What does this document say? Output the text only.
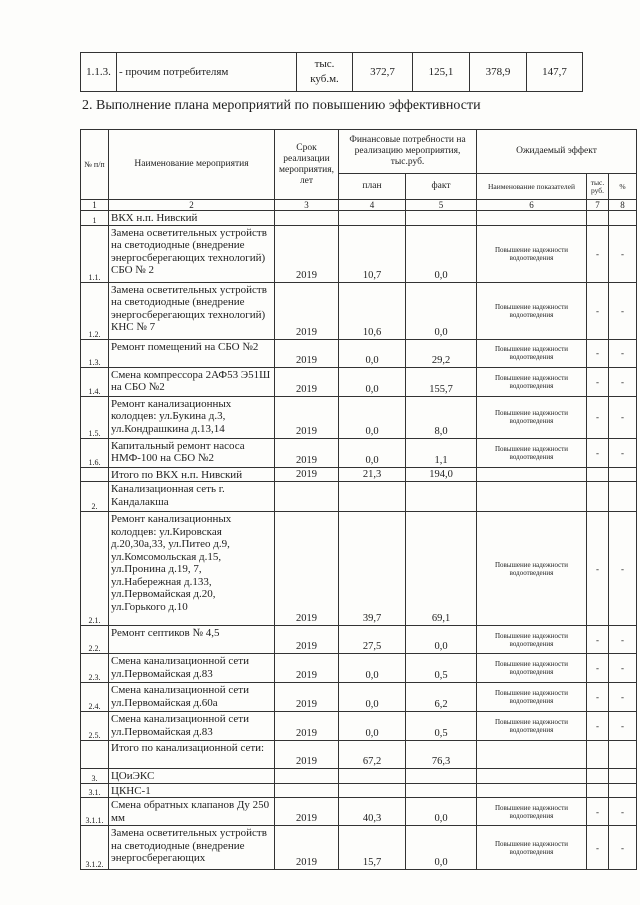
1.1.3.	- прочим потребителям	тыс. куб.м.	372,7	125,1	378,9	147,7
2. Выполнение плана мероприятий по повышению эффективности
№ п/п	Наименование мероприятия	Срок реализации мероприятия, лет	Финансовые потребности на реализацию мероприятия, тыс.руб.		Ожидаемый эффект		
			план	факт	Наименование показателей	тыс. руб.	%
1	2	3	4	5	6	7	8
1	ВКХ н.п. Нивский						
1.1.	Замена осветительных устройств на светодиодные (внедрение энергосберегающих технологий) СБО № 2	2019	10,7	0,0	Повышение надежности водоотведения	-	-
1.2.	Замена осветительных устройств на светодиодные (внедрение энергосберегающих технологий) КНС № 7	2019	10,6	0,0	Повышение надежности водоотведения	-	-
1.3.	Ремонт помещений на СБО №2	2019	0,0	29,2	Повышение надежности водоотведения	-	-
1.4.	Смена компрессора 2АФ53 Э51Ш на СБО №2	2019	0,0	155,7	Повышение надежности водоотведения	-	-
1.5.	Ремонт канализационных колодцев: ул.Букина д.3, ул.Кондрашкина д.13,14	2019	0,0	8,0	Повышение надежности водоотведения	-	-
1.6.	Капитальный ремонт насоса НМФ-100 на СБО №2	2019	0,0	1,1	Повышение надежности водоотведения	-	-
	Итого по ВКХ н.п. Нивский	2019	21,3	194,0			
2.	Канализационная сеть г. Кандалакша						
2.1.	Ремонт канализационных колодцев: ул.Кировская д.20,30а,33, ул.Питео д.9, ул.Комсомольская д.15, ул.Пронина д.19, 7, ул.Набережная д.133, ул.Первомайская д.20, ул.Горького д.10	2019	39,7	69,1	Повышение надежности водоотведения	-	-
2.2.	Ремонт септиков № 4,5	2019	27,5	0,0	Повышение надежности водоотведения	-	-
2.3.	Смена канализационной сети ул.Первомайская д.83	2019	0,0	0,5	Повышение надежности водоотведения	-	-
2.4.	Смена канализационной сети ул.Первомайская д.60а	2019	0,0	6,2	Повышение надежности водоотведения	-	-
2.5.	Смена канализационной сети ул.Первомайская д.83	2019	0,0	0,5	Повышение надежности водоотведения	-	-
	Итого по канализационной сети:	2019	67,2	76,3			
3.	ЦОиЭКС						
3.1.	ЦКНС-1						
3.1.1.	Смена обратных клапанов Ду 250 мм	2019	40,3	0,0	Повышение надежности водоотведения	-	-
3.1.2.	Замена осветительных устройств на светодиодные (внедрение энергосберегающих	2019	15,7	0,0	Повышение надежности водоотведения	-	-
